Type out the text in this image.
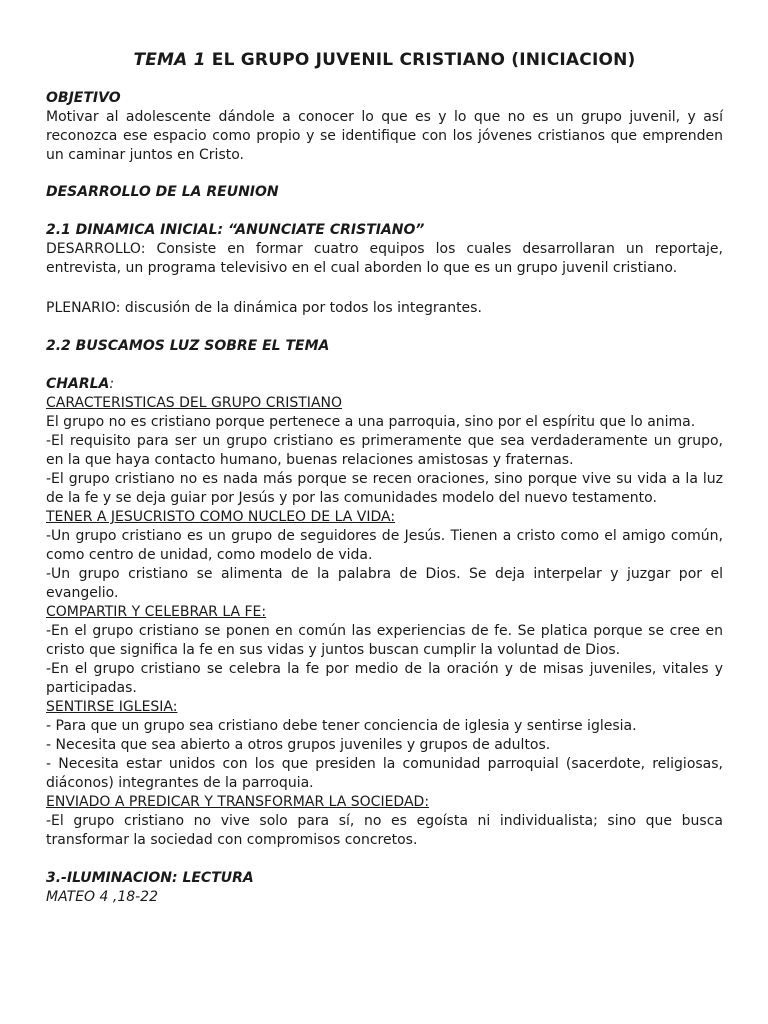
TEMA 1 EL GRUPO JUVENIL CRISTIANO (INICIACION)
OBJETIVO
Motivar al adolescente dándole a conocer lo que es y lo que no es un grupo juvenil, y así reconozca ese espacio como propio y se identifique con los jóvenes cristianos que emprenden un caminar juntos en Cristo.
DESARROLLO DE LA REUNION
2.1 DINAMICA INICIAL: “ANUNCIATE CRISTIANO”
DESARROLLO: Consiste en formar cuatro equipos los cuales desarrollaran un reportaje, entrevista, un programa televisivo en el cual aborden lo que es un grupo juvenil cristiano.
PLENARIO: discusión de la dinámica por todos los integrantes.
2.2 BUSCAMOS LUZ SOBRE EL TEMA
CHARLA:
CARACTERISTICAS DEL GRUPO CRISTIANO
El grupo no es cristiano porque pertenece a una parroquia, sino por el espíritu que lo anima.
-El requisito para ser un grupo cristiano es primeramente que sea verdaderamente un grupo, en la que haya contacto humano, buenas relaciones amistosas y fraternas.
-El grupo cristiano no es nada más porque se recen oraciones, sino porque vive su vida a la luz de la fe y se deja guiar por Jesús y por las comunidades modelo del nuevo testamento.
TENER A JESUCRISTO COMO NUCLEO DE LA VIDA:
-Un grupo cristiano es un grupo de seguidores de Jesús. Tienen a cristo como el amigo común, como centro de unidad, como modelo de vida.
-Un grupo cristiano se alimenta de la palabra de Dios. Se deja interpelar y juzgar por el evangelio.
COMPARTIR Y CELEBRAR LA FE:
-En el grupo cristiano se ponen en común las experiencias de fe. Se platica porque se cree en cristo que significa la fe en sus vidas y juntos buscan cumplir la voluntad de Dios.
-En el grupo cristiano se celebra la fe por medio de la oración y de misas juveniles, vitales y participadas.
SENTIRSE IGLESIA:
- Para que un grupo sea cristiano debe tener conciencia de iglesia y sentirse iglesia.
- Necesita que sea abierto a otros grupos juveniles y grupos de adultos.
- Necesita estar unidos con los que presiden la comunidad parroquial (sacerdote, religiosas, diáconos) integrantes de la parroquia.
ENVIADO A PREDICAR Y TRANSFORMAR LA SOCIEDAD:
-El grupo cristiano no vive solo para sí, no es egoísta ni individualista; sino que busca transformar la sociedad con compromisos concretos.
3.-ILUMINACION: LECTURA
MATEO 4 ,18-22
